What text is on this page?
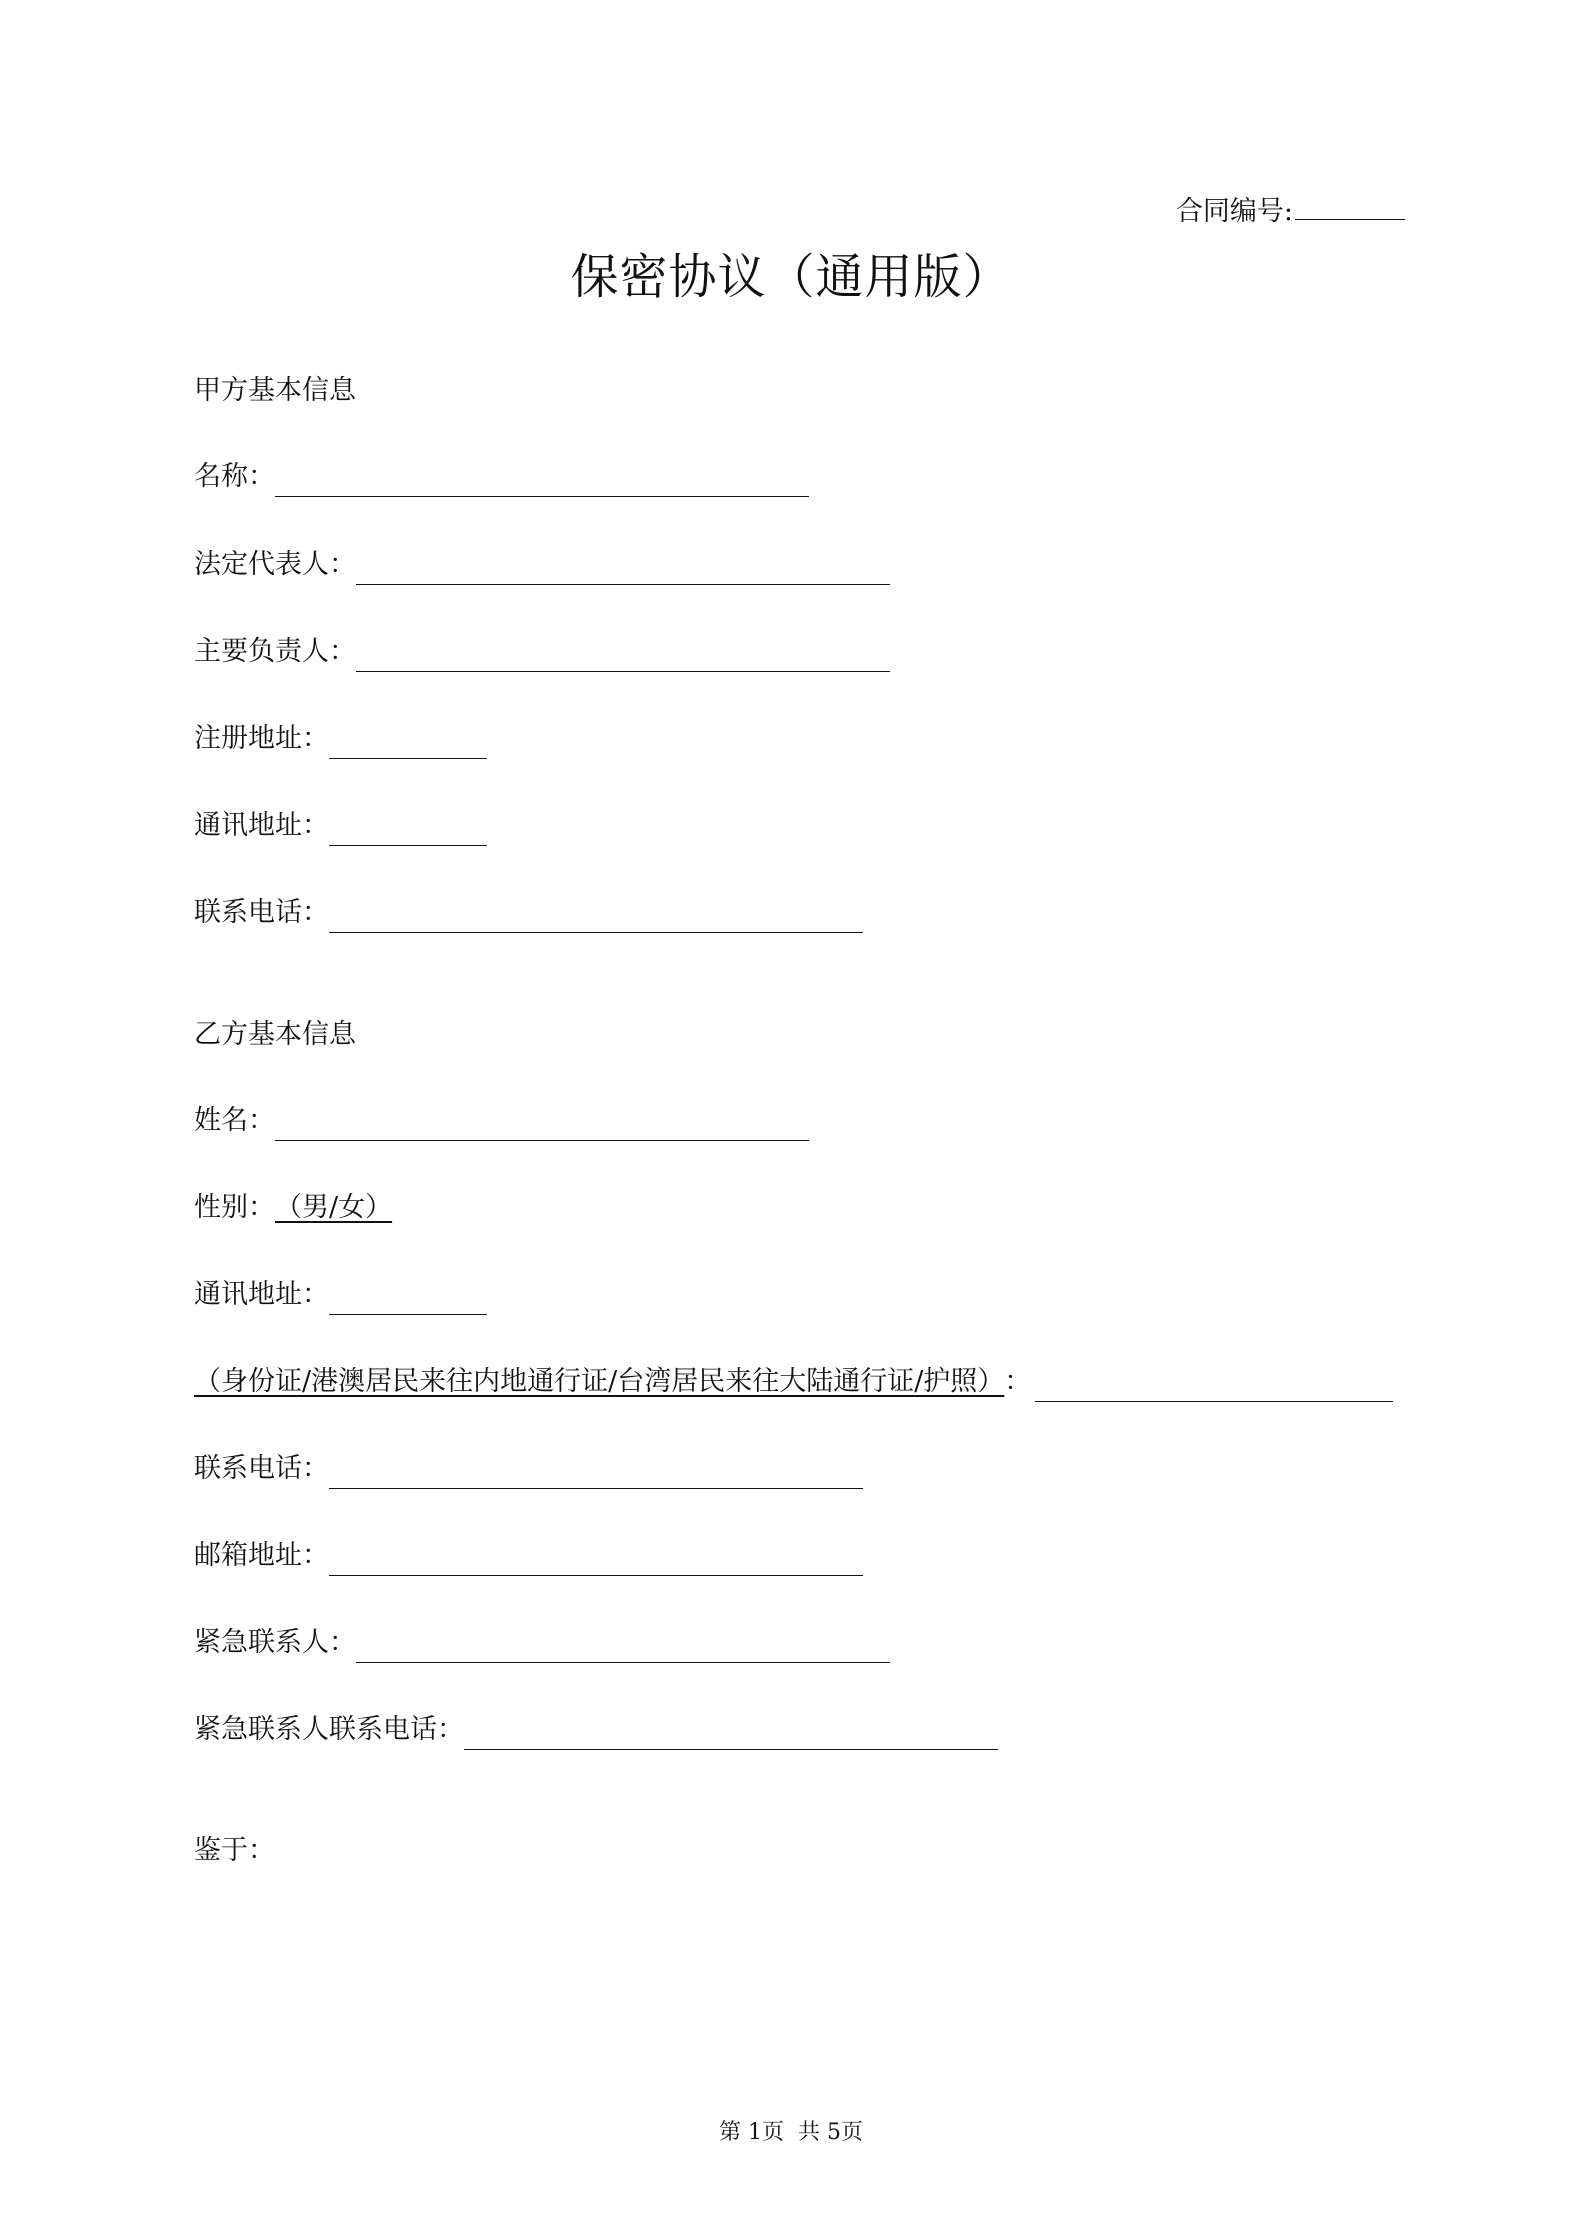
合同编号:
保密协议（通用版）
甲方基本信息
名称：
法定代表人：
主要负责人：
注册地址：
通讯地址：
联系电话：
乙方基本信息
姓名：
性别： （男/女）
通讯地址：
（身份证/港澳居民来往内地通行证/台湾居民来往大陆通行证/护照） ：
联系电话：
邮箱地址：
紧急联系人：
紧急联系人联系电话：
鉴于：
第 1页  共 5页
